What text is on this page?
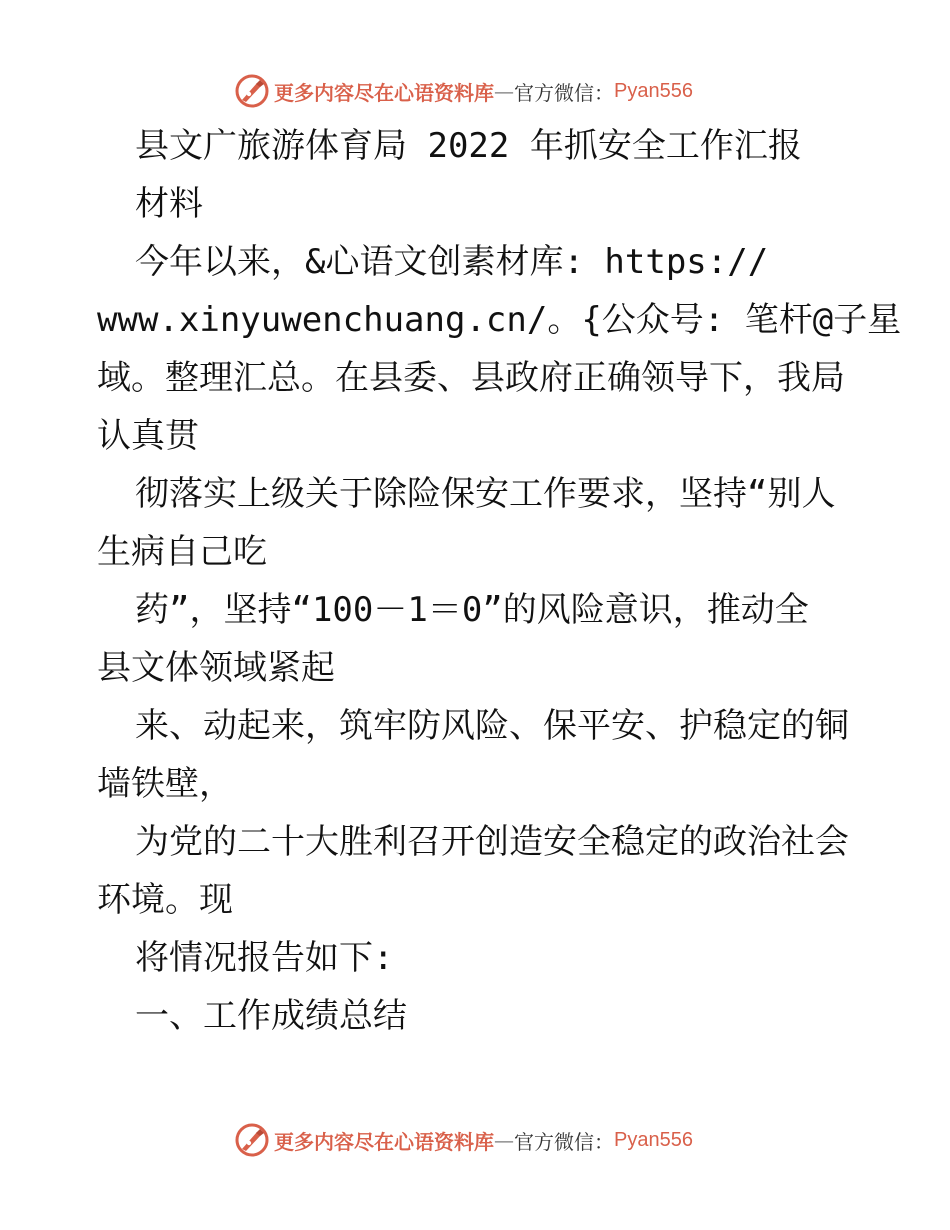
更多内容尽在心语资料库 — 官方微信： Pyan556
县文广旅游体育局 2022 年抓安全工作汇报
材料
今年以来，&心语文创素材库: https://
www.xinyuwenchuang.cn/。{公众号: 笔杆@子星
域。整理汇总。在县委、县政府正确领导下，我局
认真贯
彻落实上级关于除险保安工作要求，坚持“别人
生病自己吃
药”，坚持“100－1＝0”的风险意识，推动全
县文体领域紧起
来、动起来，筑牢防风险、保平安、护稳定的铜
墙铁壁，
为党的二十大胜利召开创造安全稳定的政治社会
环境。现
将情况报告如下:
一、工作成绩总结
更多内容尽在心语资料库 — 官方微信： Pyan556
